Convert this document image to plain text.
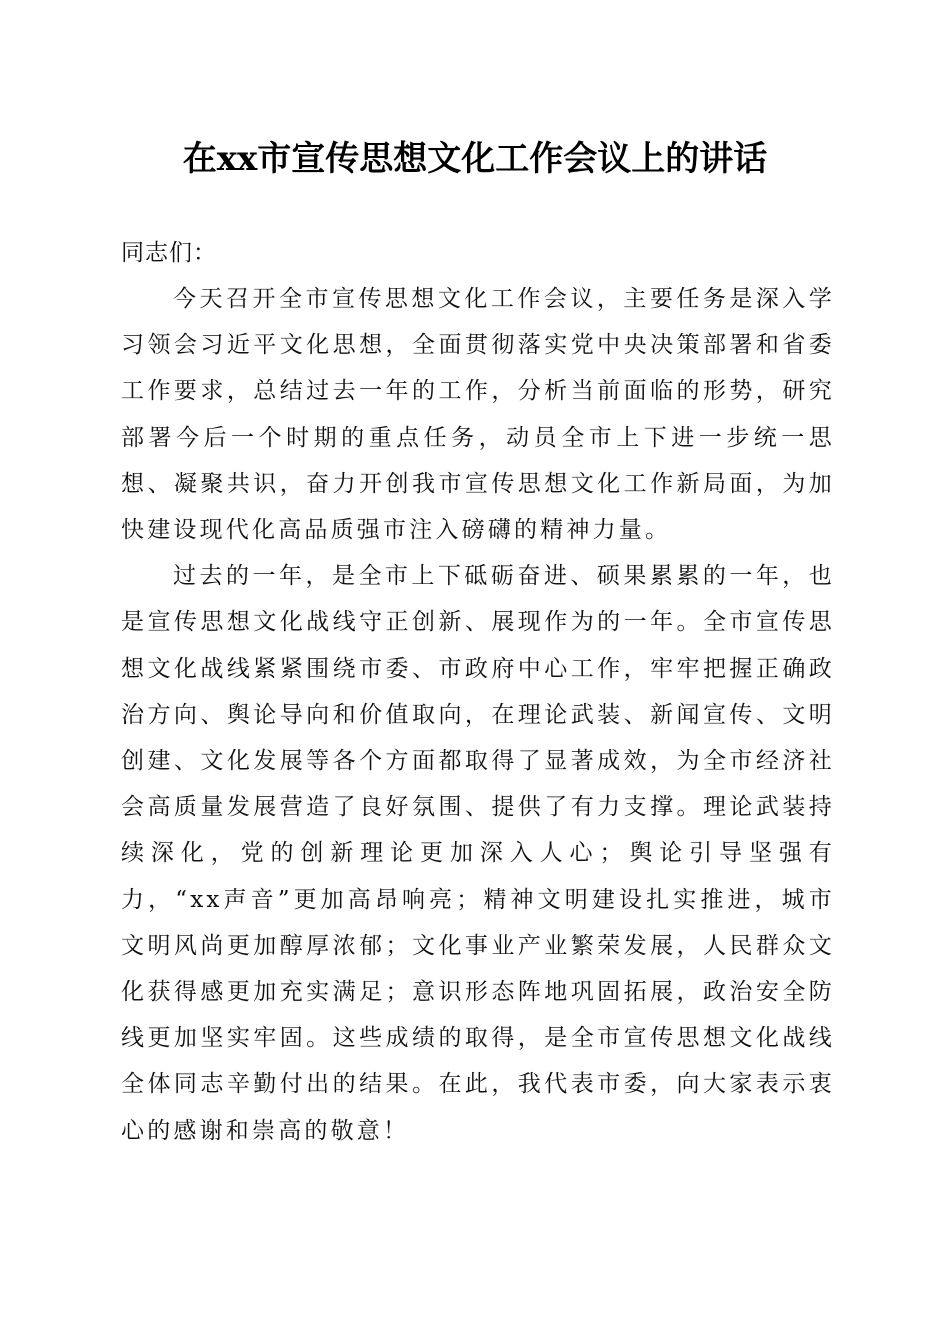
在xx市宣传思想文化工作会议上的讲话

同志们：

今天召开全市宣传思想文化工作会议，主要任务是深入学习领会习近平文化思想，全面贯彻落实党中央决策部署和省委工作要求，总结过去一年的工作，分析当前面临的形势，研究部署今后一个时期的重点任务，动员全市上下进一步统一思想、凝聚共识，奋力开创我市宣传思想文化工作新局面，为加快建设现代化高品质强市注入磅礴的精神力量。

过去的一年，是全市上下砥砺奋进、硕果累累的一年，也是宣传思想文化战线守正创新、展现作为的一年。全市宣传思想文化战线紧紧围绕市委、市政府中心工作，牢牢把握正确政治方向、舆论导向和价值取向，在理论武装、新闻宣传、文明创建、文化发展等各个方面都取得了显著成效，为全市经济社会高质量发展营造了良好氛围、提供了有力支撑。理论武装持续深化，党的创新理论更加深入人心；舆论引导坚强有力，“xx声音”更加高昂响亮；精神文明建设扎实推进，城市文明风尚更加醇厚浓郁；文化事业产业繁荣发展，人民群众文化获得感更加充实满足；意识形态阵地巩固拓展，政治安全防线更加坚实牢固。这些成绩的取得，是全市宣传思想文化战线全体同志辛勤付出的结果。在此，我代表市委，向大家表示衷心的感谢和崇高的敬意！
